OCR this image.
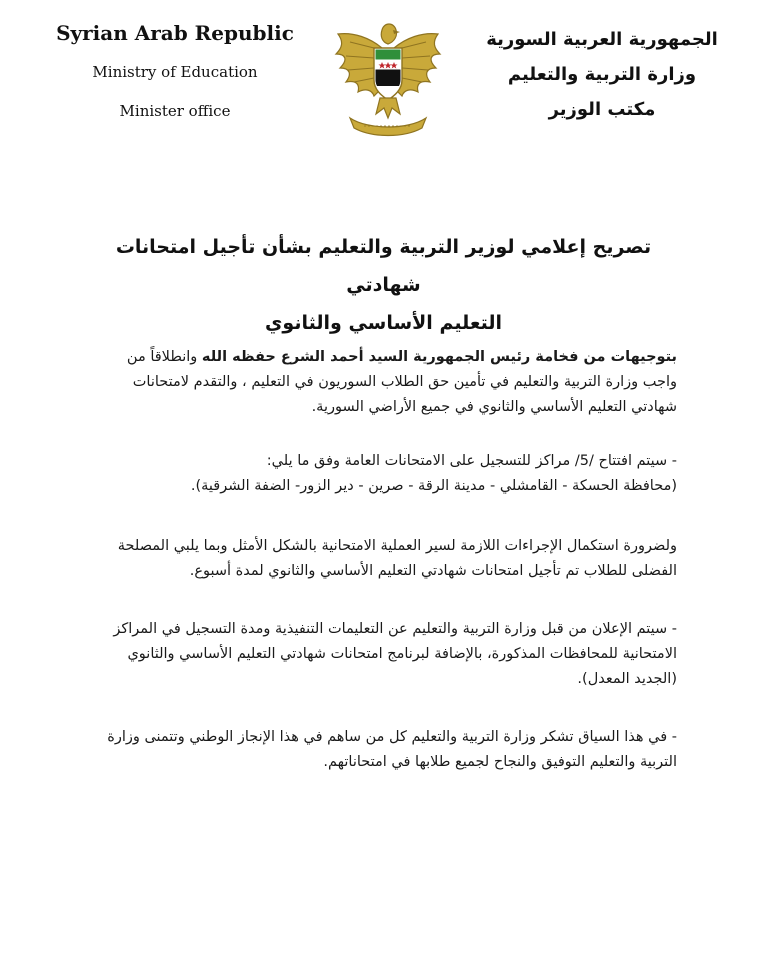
Syrian Arab Republic
Ministry of Education
Minister office
الجمهورية العربية السورية
وزارة التربية والتعليم
مكتب الوزير
تصريح إعلامي لوزير التربية والتعليم بشأن تأجيل امتحانات شهادتي
التعليم الأساسي والثانوي

بتوجيهات من فخامة رئيس الجمهورية السيد أحمد الشرع حفظه الله وانطلاقاً من واجب وزارة التربية والتعليم في تأمين حق الطلاب السوريون في التعليم ، والتقدم لامتحانات شهادتي التعليم الأساسي والثانوي في جميع الأراضي السورية.

- سيتم افتتاح /5/ مراكز للتسجيل على الامتحانات العامة وفق ما يلي:
(محافظة الحسكة - القامشلي - مدينة الرقة - صرين - دير الزور- الضفة الشرقية).

ولضرورة استكمال الإجراءات اللازمة لسير العملية الامتحانية بالشكل الأمثل وبما يلبي المصلحة الفضلى للطلاب تم تأجيل امتحانات شهادتي التعليم الأساسي والثانوي لمدة أسبوع.

- سيتم الإعلان من قبل وزارة التربية والتعليم عن التعليمات التنفيذية ومدة التسجيل في المراكز الامتحانية للمحافظات المذكورة، بالإضافة لبرنامج امتحانات شهادتي التعليم الأساسي والثانوي (الجديد المعدل).

- في هذا السياق تشكر وزارة التربية والتعليم كل من ساهم في هذا الإنجاز الوطني وتتمنى وزارة التربية والتعليم التوفيق والنجاح لجميع طلابها في امتحاناتهم.
